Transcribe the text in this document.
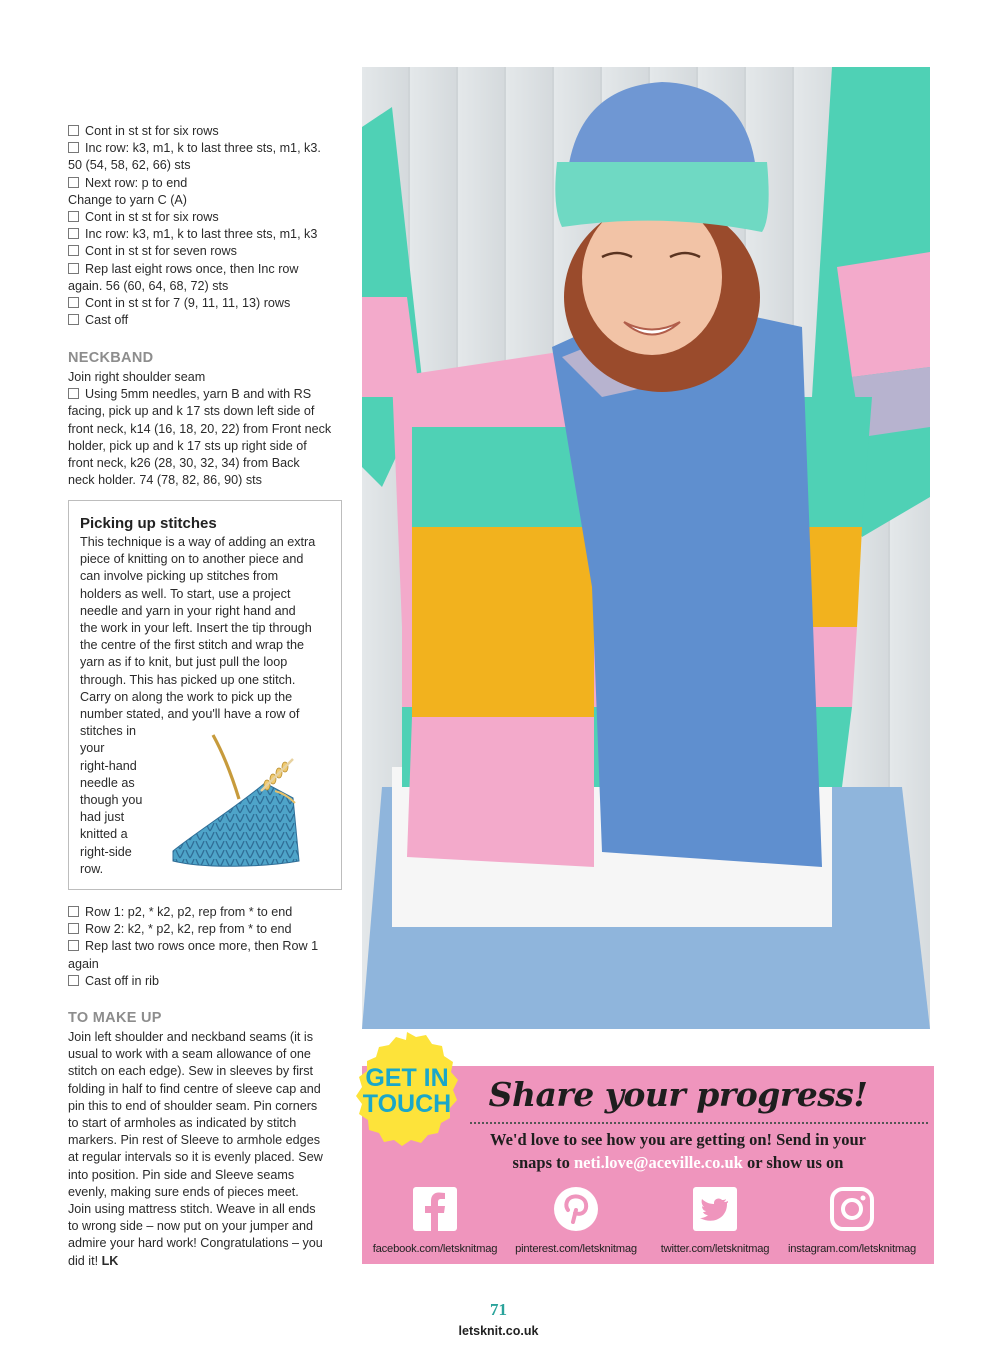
Cont in st st for six rows
Inc row: k3, m1, k to last three sts, m1, k3.
50 (54, 58, 62, 66) sts
Next row: p to end
Change to yarn C (A)
Cont in st st for six rows
Inc row: k3, m1, k to last three sts, m1, k3
Cont in st st for seven rows
Rep last eight rows once, then Inc row
again. 56 (60, 64, 68, 72) sts
Cont in st st for 7 (9, 11, 11, 13) rows
Cast off
NECKBAND
Join right shoulder seam
Using 5mm needles, yarn B and with RS
facing, pick up and k 17 sts down left side of
front neck, k14 (16, 18, 20, 22) from Front neck
holder, pick up and k 17 sts up right side of
front neck, k26 (28, 30, 32, 34) from Back
neck holder. 74 (78, 82, 86, 90) sts
Picking up stitches
This technique is a way of adding an extra
piece of knitting on to another piece and
can involve picking up stitches from
holders as well. To start, use a project
needle and yarn in your right hand and
the work in your left. Insert the tip through
the centre of the first stitch and wrap the
yarn as if to knit, but just pull the loop
through. This has picked up one stitch.
Carry on along the work to pick up the
number stated, and you'll have a row of
stitches in
your
right-hand
needle as
though you
had just
knitted a
right-side
row.
Row 1: p2, * k2, p2, rep from * to end
Row 2: k2, * p2, k2, rep from * to end
Rep last two rows once more, then Row 1
again
Cast off in rib
TO MAKE UP
Join left shoulder and neckband seams (it is
usual to work with a seam allowance of one
stitch on each edge). Sew in sleeves by first
folding in half to find centre of sleeve cap and
pin this to end of shoulder seam. Pin corners
to start of armholes as indicated by stitch
markers. Pin rest of Sleeve to armhole edges
at regular intervals so it is evenly placed. Sew
into position. Pin side and Sleeve seams
evenly, making sure ends of pieces meet.
Join using mattress stitch. Weave in all ends
to wrong side – now put on your jumper and
admire your hard work! Congratulations – you
did it! LK
Share your progress!
We'd love to see how you are getting on! Send in your
snaps to neti.love@aceville.co.uk or show us on
facebook.com/letsknitmag	pinterest.com/letsknitmag	twitter.com/letsknitmag	instagram.com/letsknitmag
GET IN
TOUCH
71
letsknit.co.uk
